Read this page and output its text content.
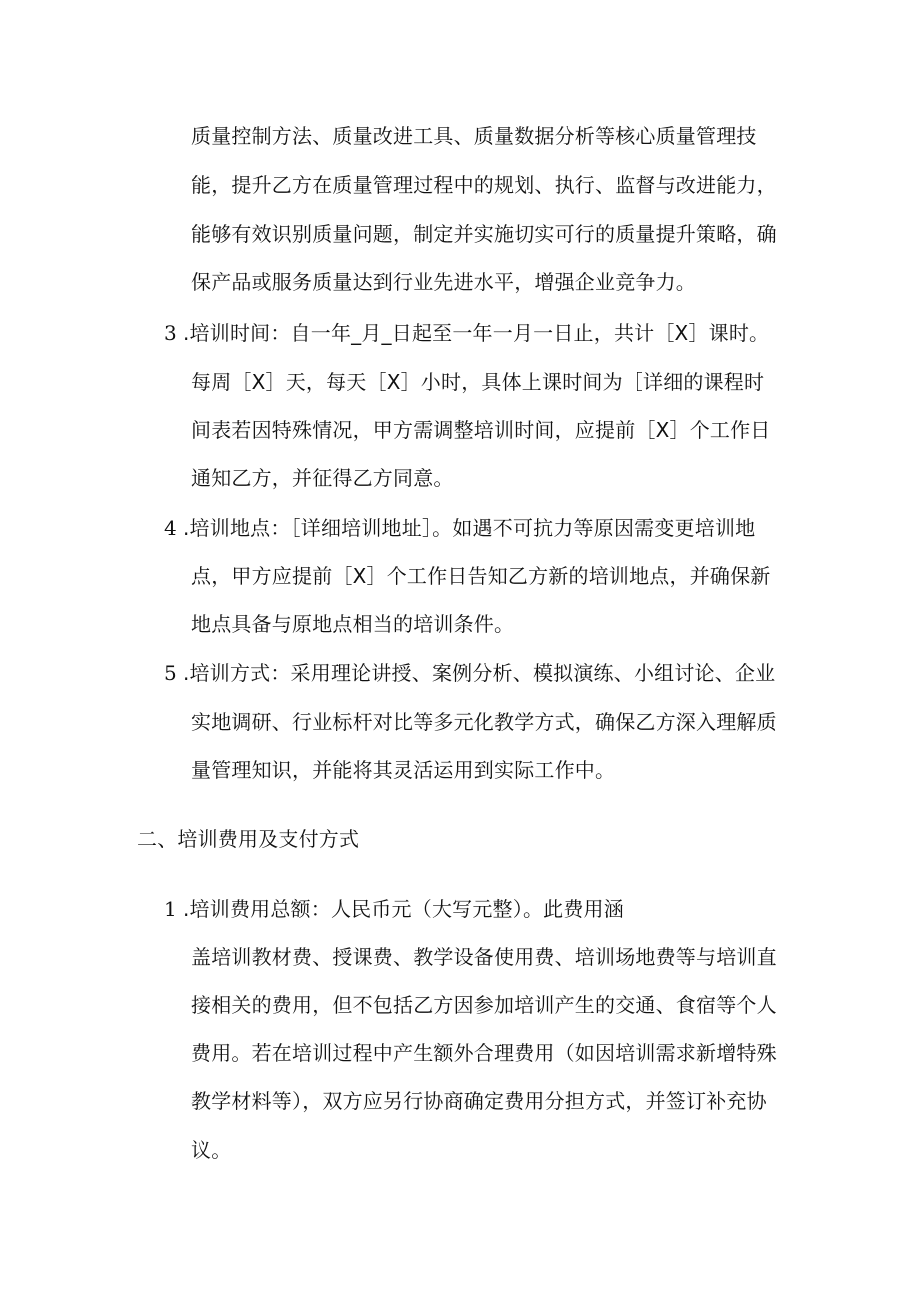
质量控制方法、质量改进工具、质量数据分析等核心质量管理技
能，提升乙方在质量管理过程中的规划、执行、监督与改进能力，
能够有效识别质量问题，制定并实施切实可行的质量提升策略，确
保产品或服务质量达到行业先进水平，增强企业竞争力。
3 .培训时间：自一年_月_日起至一年一月一日止，共计［X］课时。
每周［X］天，每天［X］小时，具体上课时间为［详细的课程时
间表若因特殊情况，甲方需调整培训时间，应提前［X］个工作日
通知乙方，并征得乙方同意。
4 .培训地点：［详细培训地址］。如遇不可抗力等原因需变更培训地
点，甲方应提前［X］个工作日告知乙方新的培训地点，并确保新
地点具备与原地点相当的培训条件。
5 .培训方式：采用理论讲授、案例分析、模拟演练、小组讨论、企业
实地调研、行业标杆对比等多元化教学方式，确保乙方深入理解质
量管理知识，并能将其灵活运用到实际工作中。
二、培训费用及支付方式
1 .培训费用总额：人民币元（大写元整）。此费用涵
盖培训教材费、授课费、教学设备使用费、培训场地费等与培训直
接相关的费用，但不包括乙方因参加培训产生的交通、食宿等个人
费用。若在培训过程中产生额外合理费用（如因培训需求新增特殊
教学材料等），双方应另行协商确定费用分担方式，并签订补充协
议。
